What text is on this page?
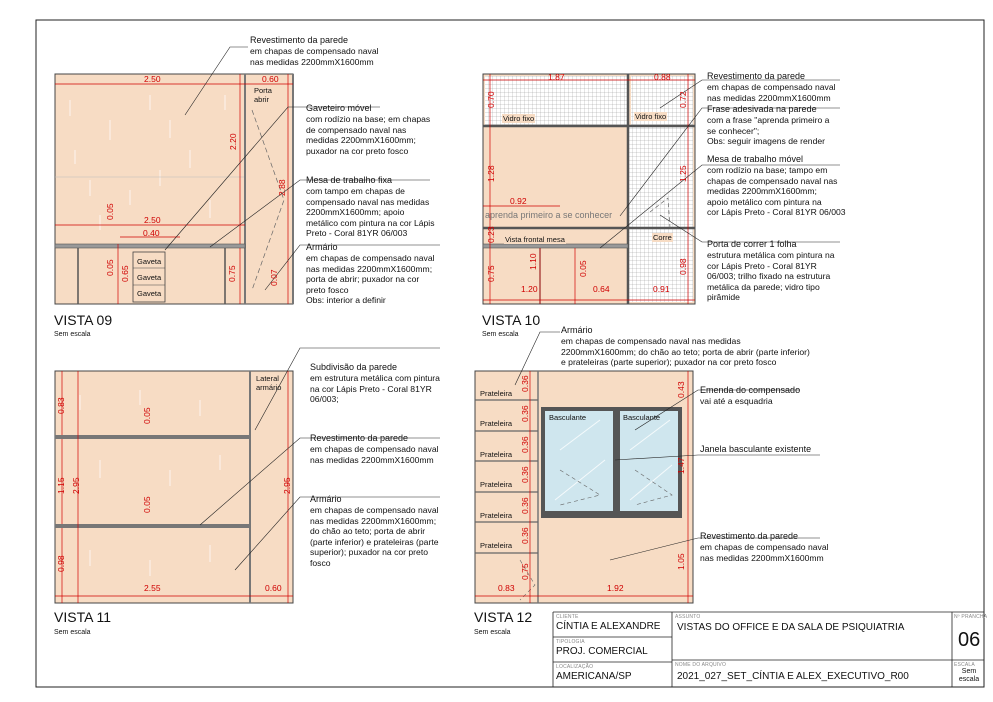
2.50	0.60
2.20
2.88
0.05	2.50
0.40
0.05 0.65	0.75	0.07
Porta abrir
Gaveta
Gaveta
Gaveta
Revestimento da parede
em chapas de compensado naval
nas medidas 2200mmX1600mm
Gaveteiro móvel
com rodízio na base; em chapas
de compensado naval nas
medidas 2200mmX1600mm;
puxador na cor preto fosco
Mesa de trabalho fixa
com tampo em chapas de
compensado naval nas medidas
2200mmX1600mm; apoio
metálico com pintura na cor Lápis
Preto - Coral 81YR 06/003
Armário
em chapas de compensado naval
nas medidas 2200mmX1600mm;
porta de abrir; puxador na cor
preto fosco
Obs: interior a definir
VISTA 09
Sem escala
1.87	0.88
0.70	0.72
1.28
0.92
1.25
0.23
0.75
1.10	0.05	0.98
1.20	0.64	0.91
Vidro fixo	Vidro fixo
aprenda primeiro a se conhecer
Vista frontal mesa	Corre
Revestimento da parede
em chapas de compensado naval
nas medidas 2200mmX1600mm
Frase adesivada na parede
com a frase "aprenda primeiro a
se conhecer";
Obs: seguir imagens de render
Mesa de trabalho móvel
com rodízio na base; tampo em
chapas de compensado naval nas
medidas 2200mmX1600mm;
apoio metálico com pintura na
cor Lápis Preto - Coral 81YR 06/003
Porta de correr 1 folha
estrutura metálica com pintura na
cor Lápis Preto - Coral 81YR
06/003; trilho fixado na estrutura
metálica da parede; vidro tipo
pirâmide
VISTA 10
Sem escala
0.83
0.05
1.15 2.95
0.05
2.95
0.98
2.55	0.60
Lateral armário
Subdivisão da parede
em estrutura metálica com pintura
na cor Lápis Preto - Coral 81YR
06/003;
Revestimento da parede
em chapas de compensado naval
nas medidas 2200mmX1600mm
Armário
em chapas de compensado naval
nas medidas 2200mmX1600mm;
do chão ao teto; porta de abrir
(parte inferior) e prateleiras (parte
superior); puxador na cor preto
fosco
VISTA 11
Sem escala
Prateleira
Prateleira
Prateleira
Prateleira
Prateleira
Prateleira
0.36
0.36
0.36
0.36
0.36
0.36
0.43
1.47
0.75
1.05
0.83	1.92
Basculante	Basculante
Armário
em chapas de compensado naval nas medidas
2200mmX1600mm; do chão ao teto; porta de abrir (parte inferior)
e prateleiras (parte superior); puxador na cor preto fosco
Emenda do compensado
vai até a esquadria
Janela basculante existente
Revestimento da parede
em chapas de compensado naval
nas medidas 2200mmX1600mm
VISTA 12
Sem escala
CLIENTE
CÍNTIA E ALEXANDRE
TIPOLOGIA
PROJ. COMERCIAL
LOCALIZAÇÃO
AMERICANA/SP
ASSUNTO
VISTAS DO OFFICE E DA SALA DE PSIQUIATRIA
NOME DO ARQUIVO
2021_027_SET_CÍNTIA E ALEX_EXECUTIVO_R00
Nº PRANCHA
06
ESCALA
Sem escala
